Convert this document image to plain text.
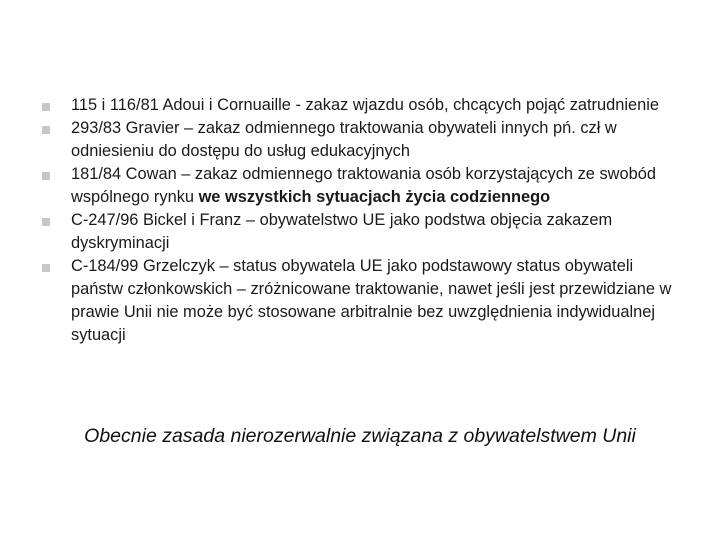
115 i 116/81 Adoui i Cornuaille - zakaz wjazdu osób, chcących pojąć zatrudnienie
293/83 Gravier – zakaz odmiennego traktowania obywateli innych pń. czł w odniesieniu do dostępu do usług edukacyjnych
181/84 Cowan – zakaz odmiennego traktowania osób korzystających ze swobód wspólnego rynku we wszystkich sytuacjach życia codziennego
C-247/96 Bickel i Franz – obywatelstwo UE jako podstwa objęcia zakazem dyskryminacji
C-184/99 Grzelczyk – status obywatela UE jako podstawowy status obywateli państw członkowskich – zróżnicowane traktowanie, nawet jeśli jest przewidziane w prawie Unii nie może być stosowane arbitralnie bez uwzględnienia indywidualnej sytuacji
Obecnie zasada nierozerwalnie związana z obywatelstwem Unii
